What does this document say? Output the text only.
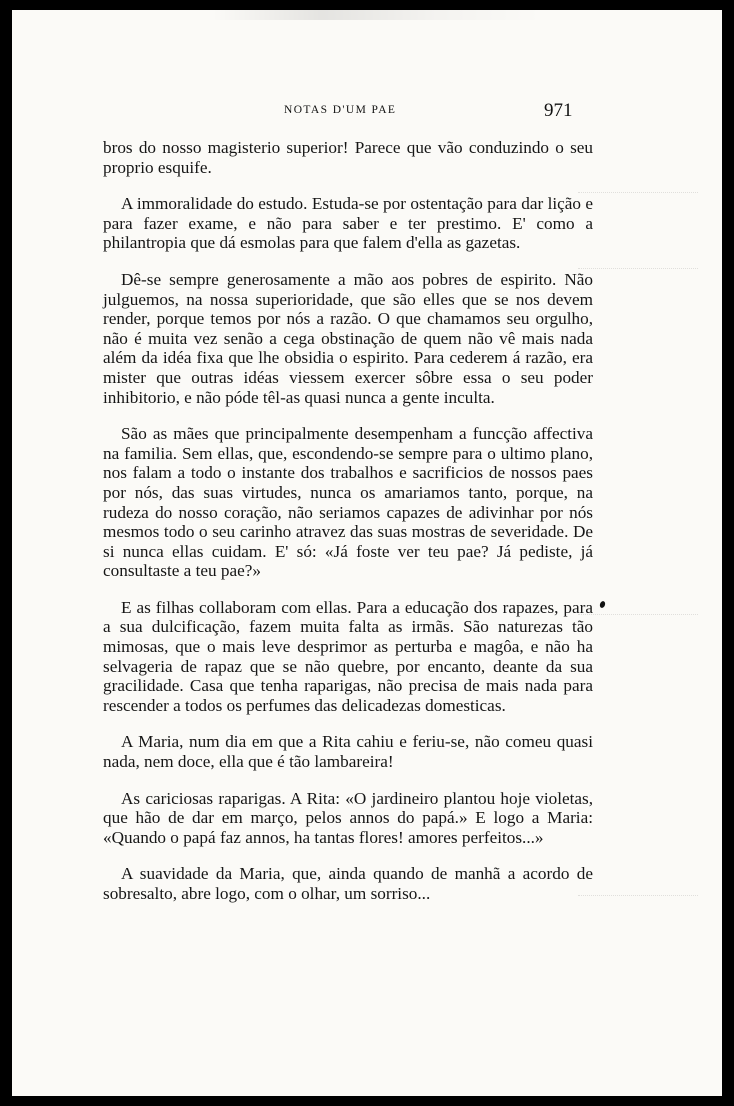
NOTAS D'UM PAE	971

bros do nosso magisterio superior! Parece que vão conduzindo o seu proprio esquife.

A immoralidade do estudo. Estuda-se por ostentação para dar lição e para fazer exame, e não para saber e ter prestimo. E' como a philantropia que dá esmolas para que falem d'ella as gazetas.

Dê-se sempre generosamente a mão aos pobres de espirito. Não julguemos, na nossa superioridade, que são elles que se nos devem render, porque temos por nós a razão. O que chamamos seu orgulho, não é muita vez senão a cega obstinação de quem não vê mais nada além da idéa fixa que lhe obsidia o espirito. Para cederem á razão, era mister que outras idéas viessem exercer sôbre essa o seu poder inhibitorio, e não póde têl-as quasi nunca a gente inculta.

São as mães que principalmente desempenham a funcção affectiva na familia. Sem ellas, que, escondendo-se sempre para o ultimo plano, nos falam a todo o instante dos trabalhos e sacrificios de nossos paes por nós, das suas virtudes, nunca os amariamos tanto, porque, na rudeza do nosso coração, não seriamos capazes de adivinhar por nós mesmos todo o seu carinho atravez das suas mostras de severidade. De si nunca ellas cuidam. E' só: «Já foste ver teu pae? Já pediste, já consultaste a teu pae?»

E as filhas collaboram com ellas. Para a educação dos rapazes, para a sua dulcificação, fazem muita falta as irmãs. São naturezas tão mimosas, que o mais leve desprimor as perturba e magôa, e não ha selvageria de rapaz que se não quebre, por encanto, deante da sua gracilidade. Casa que tenha raparigas, não precisa de mais nada para rescender a todos os perfumes das delicadezas domesticas.

A Maria, num dia em que a Rita cahiu e feriu-se, não comeu quasi nada, nem doce, ella que é tão lambareira!

As cariciosas raparigas. A Rita: «O jardineiro plantou hoje violetas, que hão de dar em março, pelos annos do papá.» E logo a Maria: «Quando o papá faz annos, ha tantas flores! amores perfeitos...»

A suavidade da Maria, que, ainda quando de manhã a acordo de sobresalto, abre logo, com o olhar, um sorriso...
